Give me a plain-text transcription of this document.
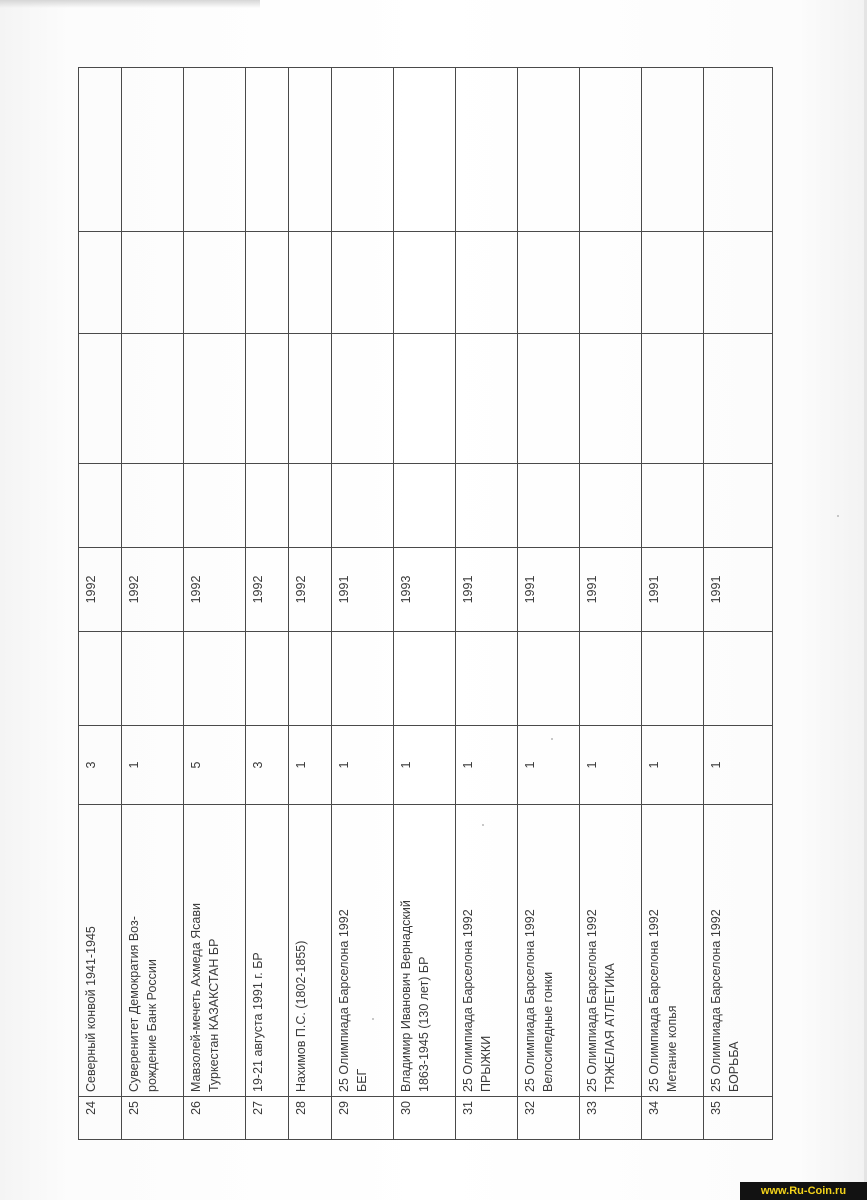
24	Северный конвой 1941-1945	3		1992				
25	Суверенитет Демократия Воз-
рождение Банк России	1		1992				
26	Мавзолей-мечеть Ахмеда Ясави
Туркестан КАЗАКСТАН БР	5		1992				
27	19-21 августа 1991 г. БР	3		1992				
28	Нахимов П.С. (1802-1855)	1		1992				
29	25 Олимпиада Барселона 1992
БЕГ	1		1991				
30	Владимир Иванович Вернадский
1863-1945 (130 лет) БР	1		1993				
31	25 Олимпиада Барселона 1992
ПРЫЖКИ	1		1991				
32	25 Олимпиада Барселона 1992
Велосипедные гонки	1		1991				
33	25 Олимпиада Барселона 1992
ТЯЖЕЛАЯ АТЛЕТИКА	1		1991				
34	25 Олимпиада Барселона 1992
Метание копья	1		1991				
35	25 Олимпиада Барселона 1992
БОРЬБА	1		1991				
www.Ru-Coin.ru
